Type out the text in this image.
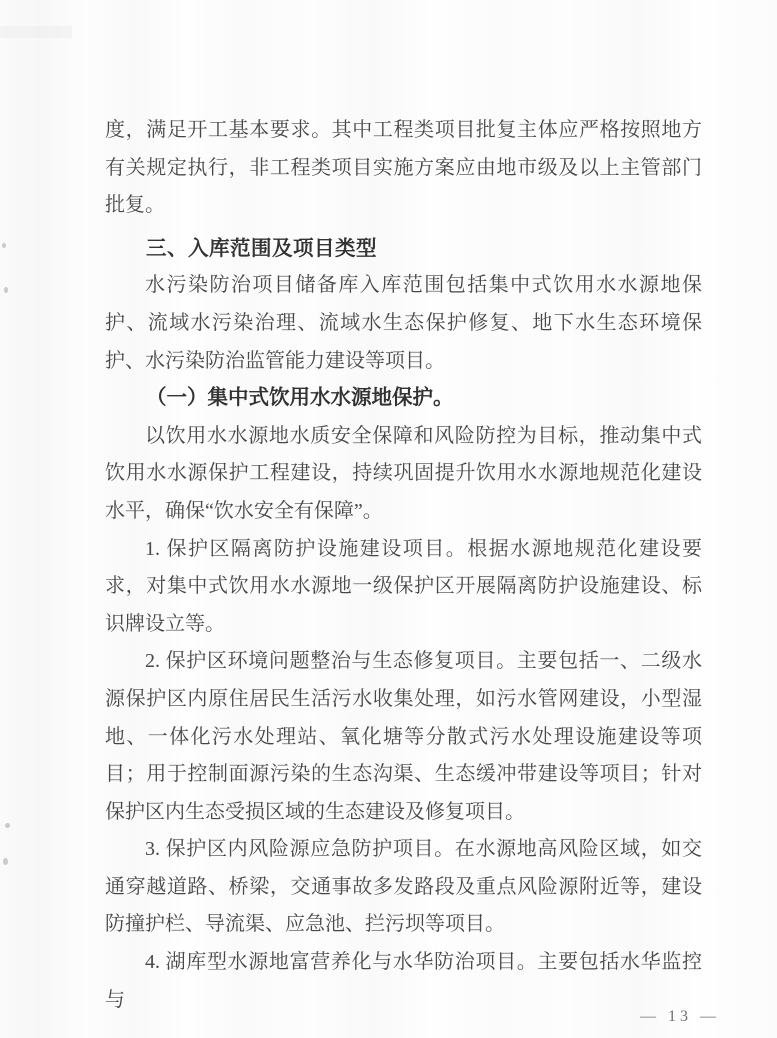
度，满足开工基本要求。其中工程类项目批复主体应严格按照地方有关规定执行，非工程类项目实施方案应由地市级及以上主管部门批复。

三、入库范围及项目类型

水污染防治项目储备库入库范围包括集中式饮用水水源地保护、流域水污染治理、流域水生态保护修复、地下水生态环境保护、水污染防治监管能力建设等项目。

（一）集中式饮用水水源地保护。

以饮用水水源地水质安全保障和风险防控为目标，推动集中式饮用水水源保护工程建设，持续巩固提升饮用水水源地规范化建设水平，确保“饮水安全有保障”。

1. 保护区隔离防护设施建设项目。根据水源地规范化建设要求，对集中式饮用水水源地一级保护区开展隔离防护设施建设、标识牌设立等。

2. 保护区环境问题整治与生态修复项目。主要包括一、二级水源保护区内原住居民生活污水收集处理，如污水管网建设，小型湿地、一体化污水处理站、氧化塘等分散式污水处理设施建设等项目；用于控制面源污染的生态沟渠、生态缓冲带建设等项目；针对保护区内生态受损区域的生态建设及修复项目。

3. 保护区内风险源应急防护项目。在水源地高风险区域，如交通穿越道路、桥梁，交通事故多发路段及重点风险源附近等，建设防撞护栏、导流渠、应急池、拦污坝等项目。

4. 湖库型水源地富营养化与水华防治项目。主要包括水华监控与

— 13 —
